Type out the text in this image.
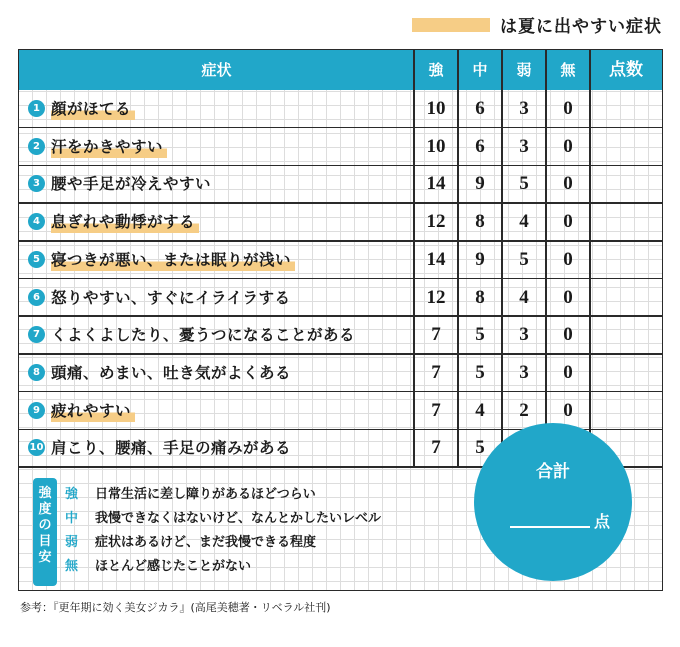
は夏に出やすい症状
症状	強	中	弱	無	点数
1 顔がほてる	10	6	3	0
2 汗をかきやすい	10	6	3	0
3 腰や手足が冷えやすい	14	9	5	0
4 息ぎれや動悸がする	12	8	4	0
5 寝つきが悪い、または眠りが浅い	14	9	5	0
6 怒りやすい、すぐにイライラする	12	8	4	0
7 くよくよしたり、憂うつになることがある	7	5	3	0
8 頭痛、めまい、吐き気がよくある	7	5	3	0
9 疲れやすい	7	4	2	0
10 肩こり、腰痛、手足の痛みがある	7	5
強
度
の
目
安
強 日常生活に差し障りがあるほどつらい
中 我慢できなくはないけど、なんとかしたいレベル
弱 症状はあるけど、まだ我慢できる程度
無 ほとんど感じたことがない
合計
点
参考：『更年期に効く美女ジカラ』(高尾美穂著・リベラル社刊)
